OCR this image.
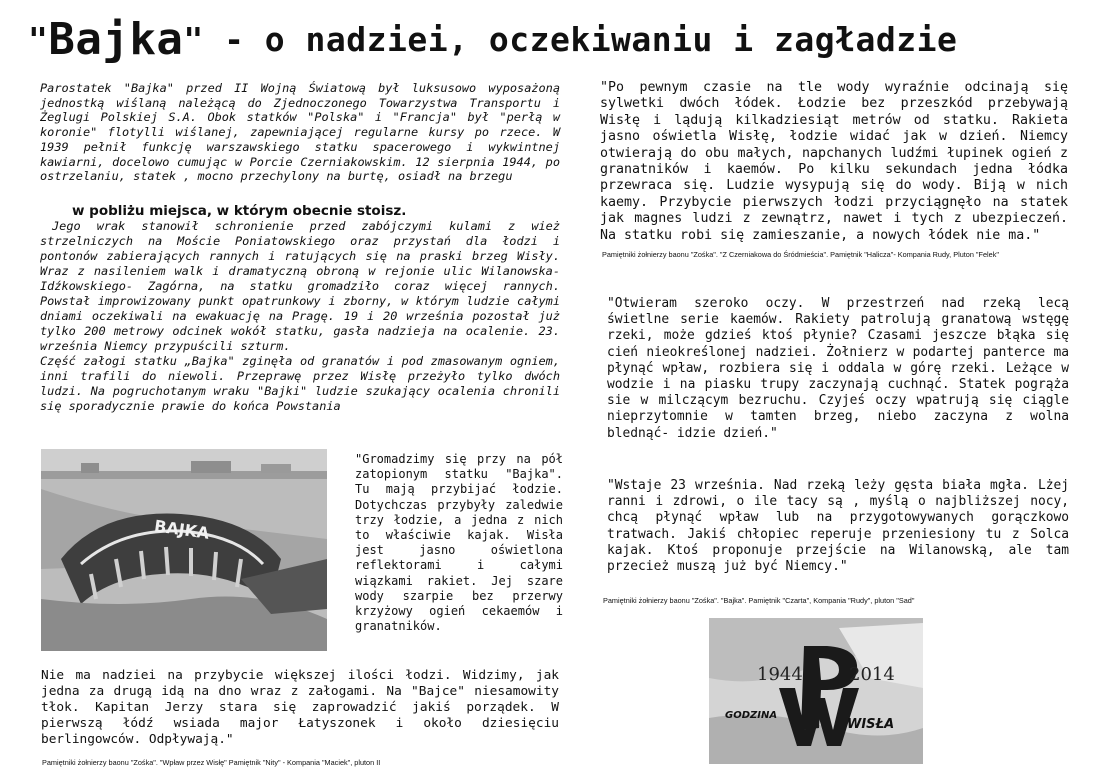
"Bajka" - o nadziei, oczekiwaniu i zagładzie

Parostatek "Bajka" przed II Wojną Światową był luksusowo wyposażoną jednostką wiślaną należącą do Zjednoczonego Towarzystwa Transportu i Żeglugi Polskiej S.A. Obok statków "Polska" i "Francja" był "perłą w koronie" flotylli wiślanej, zapewniającej regularne kursy po rzece. W 1939 pełnił funkcję warszawskiego statku spacerowego i wykwintnej kawiarni, docelowo cumując w Porcie Czerniakowskim. 12 sierpnia 1944, po ostrzelaniu, statek , mocno przechylony na burtę, osiadł na brzegu

w pobliżu miejsca, w którym obecnie stoisz.

Jego wrak stanowił schronienie przed zabójczymi kulami z wież strzelniczych na Moście Poniatowskiego oraz przystań dla łodzi i pontonów zabierających rannych i ratujących się na praski brzeg Wisły. Wraz z nasileniem walk i dramatyczną obroną w rejonie ulic Wilanowska- Idźkowskiego- Zagórna, na statku gromadziło coraz więcej rannych. Powstał improwizowany punkt opatrunkowy i zborny, w którym ludzie całymi dniami oczekiwali na ewakuację na Pragę. 19 i 20 września pozostał już tylko 200 metrowy odcinek wokół statku, gasła nadzieja na ocalenie. 23. września Niemcy przypuścili szturm.

Część załogi statku „Bajka" zginęła od granatów i pod zmasowanym ogniem, inni trafili do niewoli. Przeprawę przez Wisłę przeżyło tylko dwóch ludzi. Na pogruchotanym wraku "Bajki" ludzie szukający ocalenia chronili się sporadycznie prawie do końca Powstania

BAJKA

"Gromadzimy się przy na pół zatopionym statku "Bajka". Tu mają przybijać łodzie. Dotychczas przybyły zaledwie trzy łodzie, a jedna z nich to właściwie kajak. Wisła jest jasno oświetlona reflektorami i całymi wiązkami rakiet. Jej szare wody szarpie bez przerwy krzyżowy ogień cekaemów i granatników.

Nie ma nadziei na przybycie większej ilości łodzi. Widzimy, jak jedna za drugą idą na dno wraz z załogami. Na "Bajce" niesamowity tłok. Kapitan Jerzy stara się zaprowadzić jakiś porządek. W pierwszą łódź wsiada major Łatyszonek i około dziesięciu berlingowców. Odpływają."

Pamiętniki żołnierzy baonu "Zośka". "Wpław przez Wisłę" Pamiętnik "Nity" - Kompania "Maciek", pluton II

"Po pewnym czasie na tle wody wyraźnie odcinają się sylwetki dwóch łódek. Łodzie bez przeszkód przebywają Wisłę i lądują kilkadziesiąt metrów od statku. Rakieta jasno oświetla Wisłę, łodzie widać jak w dzień. Niemcy otwierają do obu małych, napchanych ludźmi łupinek ogień z granatników i kaemów. Po kilku sekundach jedna łódka przewraca się. Ludzie wysypują się do wody. Biją w nich kaemy. Przybycie pierwszych łodzi przyciągnęło na statek jak magnes ludzi z zewnątrz, nawet i tych z ubezpieczeń. Na statku robi się zamieszanie, a nowych łódek nie ma."

Pamiętniki żołnierzy baonu "Zośka". "Z Czerniakowa do Śródmieścia". Pamiętnik "Halicza"- Kompania Rudy, Pluton "Felek"

"Otwieram szeroko oczy. W przestrzeń nad rzeką lecą świetlne serie kaemów. Rakiety patrolują granatową wstęgę rzeki, może gdzieś ktoś płynie? Czasami jeszcze błąka się cień nieokreślonej nadziei. Żołnierz w podartej panterce ma płynąć wpław, rozbiera się i oddala w górę rzeki. Leżące w wodzie i na piasku trupy zaczynają cuchnąć. Statek pogrąża sie w milczącym bezruchu. Czyjeś oczy wpatrują się ciągle nieprzytomnie w tamten brzeg, niebo zaczyna z wolna blednąć- idzie dzień."

"Wstaje 23 września. Nad rzeką leży gęsta biała mgła. Lżej ranni i zdrowi, o ile tacy są , myślą o najbliższej nocy, chcą płynąć wpław lub na przygotowywanych gorączkowo tratwach. Jakiś chłopiec reperuje przeniesiony tu z Solca kajak. Ktoś proponuje przejście na Wilanowską, ale tam przecież muszą już być Niemcy."

Pamiętniki żołnierzy baonu "Zośka". "Bajka". Pamiętnik "Czarta", Kompania "Rudy", pluton "Sad"
1944	2014
GODZINA
WISŁA
